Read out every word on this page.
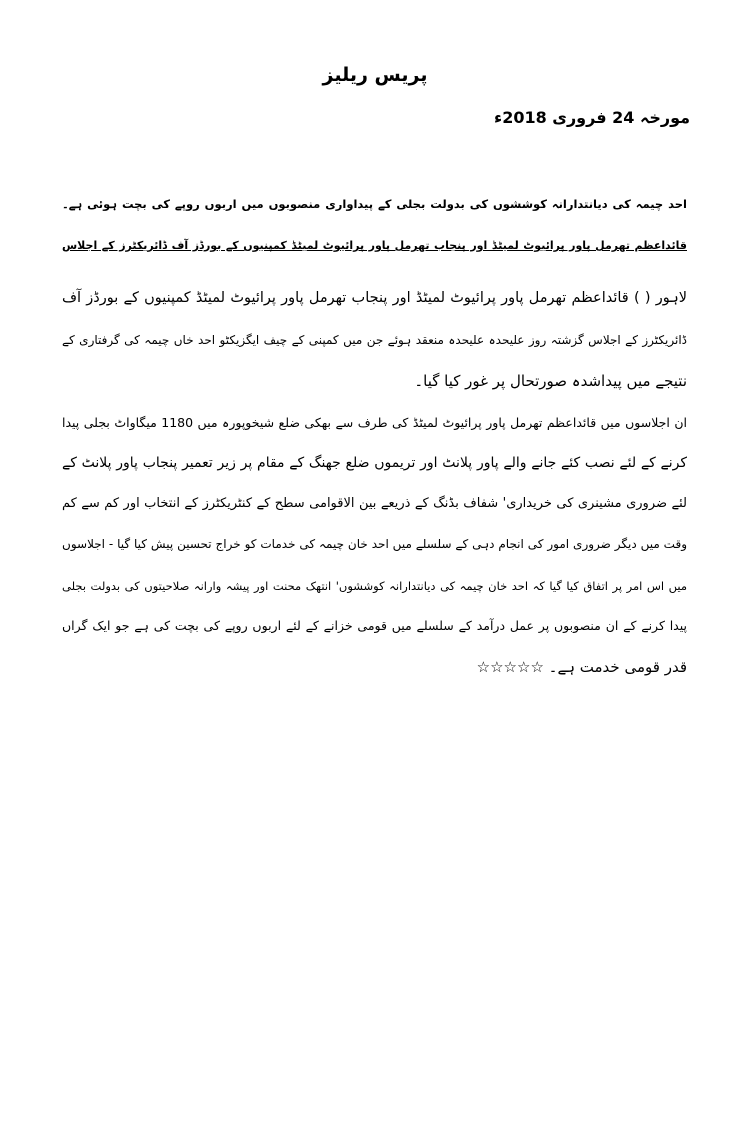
پریس ریلیز
مورخہ 24 فروری 2018ء
احد چیمہ کی دیانتدارانہ کوششوں کی بدولت بجلی کے پیداواری منصوبوں میں اربوں روپے کی بچت ہوئی ہے۔
قائداعظم تھرمل پاور پرائیوٹ لمیٹڈ اور پنجاب تھرمل پاور پرائیوٹ لمیٹڈ کمپنیوں کے بورڈز آف ڈائریکٹرز کے اجلاس
لاہور ( ) قائداعظم تھرمل پاور پرائیوٹ لمیٹڈ اور پنجاب تھرمل پاور پرائیوٹ لمیٹڈ کمپنیوں کے بورڈز آف
ڈائریکٹرز کے اجلاس گزشتہ روز علیحدہ علیحدہ منعقد ہوئے جن میں کمپنی کے چیف ایگزیکٹو احد خاں چیمہ کی گرفتاری کے
نتیجے میں پیداشدہ صورتحال پر غور کیا گیا۔
ان اجلاسوں میں قائداعظم تھرمل پاور پرائیوٹ لمیٹڈ کی طرف سے بھکی ضلع شیخوپورہ میں 1180 میگاواٹ بجلی پیدا
کرنے کے لئے نصب کئے جانے والے پاور پلانٹ اور تریموں ضلع جھنگ کے مقام پر زیر تعمیر پنجاب پاور پلانٹ کے
لئے ضروری مشینری کی خریداری' شفاف بڈنگ کے ذریعے بین الاقوامی سطح کے کنٹریکٹرز کے انتخاب اور کم سے کم
وقت میں دیگر ضروری امور کی انجام دہی کے سلسلے میں احد خان چیمہ کی خدمات کو خراج تحسین پیش کیا گیا - اجلاسوں
میں اس امر پر اتفاق کیا گیا کہ احد خان چیمہ کی دیانتدارانہ کوششوں' انتھک محنت اور پیشہ وارانہ صلاحیتوں کی بدولت بجلی
پیدا کرنے کے ان منصوبوں پر عمل درآمد کے سلسلے میں قومی خزانے کے لئے اربوں روپے کی بچت کی ہے جو ایک گراں
قدر قومی خدمت ہے۔ ☆☆☆☆☆
